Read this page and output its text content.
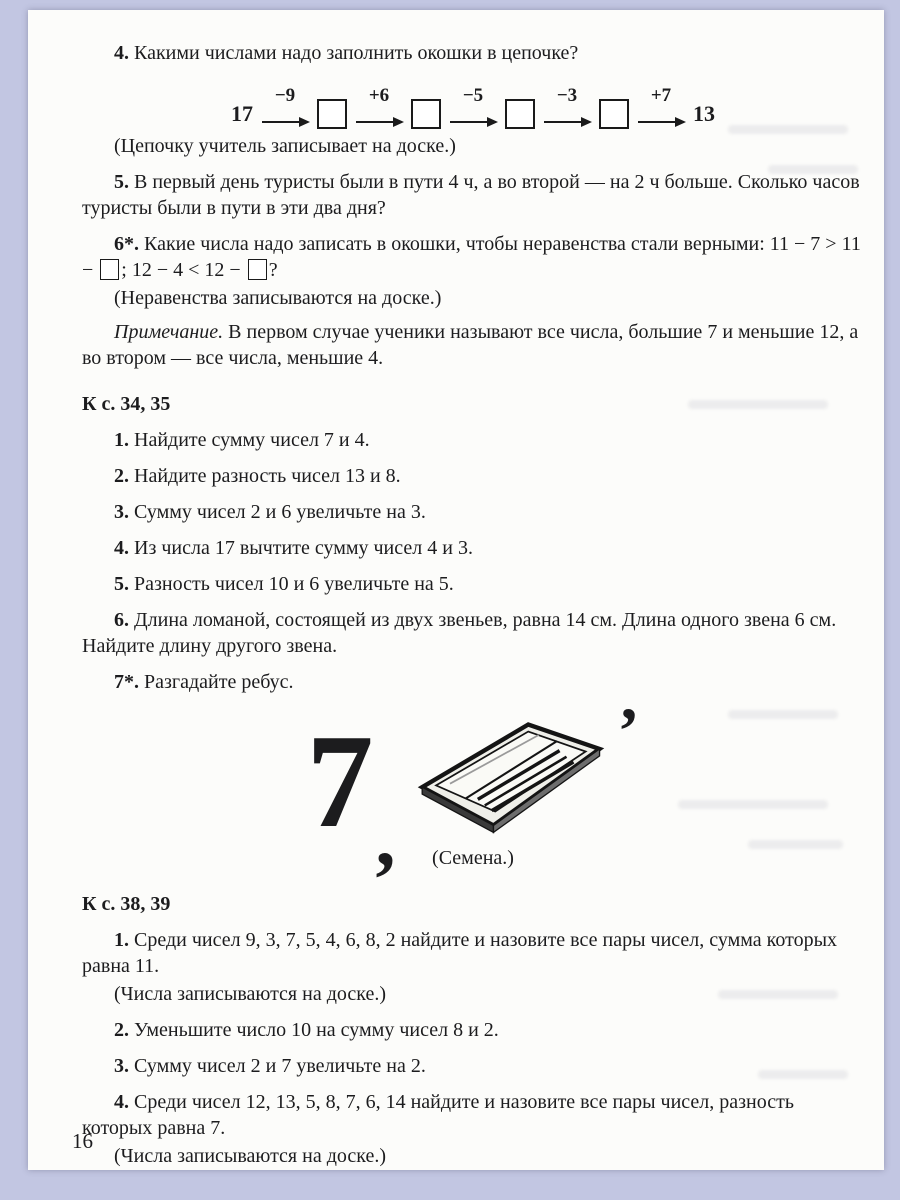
4. Какими числами надо заполнить окошки в цепочке?

17
−9	+6	−5	−3	+7
13

(Цепочку учитель записывает на доске.)

5. В первый день туристы были в пути 4 ч, а во второй — на 2 ч больше. Сколько часов туристы были в пути в эти два дня?

6*. Какие числа надо записать в окошки, чтобы неравенства стали верными: 11 − 7 > 11 − ; 12 − 4 < 12 − ?

(Неравенства записываются на доске.)

Примечание. В первом случае ученики называют все числа, большие 7 и меньшие 12, а во втором — все числа, меньшие 4.

К с. 34, 35

1. Найдите сумму чисел 7 и 4.

2. Найдите разность чисел 13 и 8.

3. Сумму чисел 2 и 6 увеличьте на 3.

4. Из числа 17 вычтите сумму чисел 4 и 3.

5. Разность чисел 10 и 6 увеличьте на 5.

6. Длина ломаной, состоящей из двух звеньев, равна 14 см. Длина одного звена 6 см. Найдите длину другого звена.

7*. Разгадайте ребус.

7 ,
’

(Семена.)

К с. 38, 39

1. Среди чисел 9, 3, 7, 5, 4, 6, 8, 2 найдите и назовите все пары чисел, сумма которых равна 11.

(Числа записываются на доске.)

2. Уменьшите число 10 на сумму чисел 8 и 2.

3. Сумму чисел 2 и 7 увеличьте на 2.

4. Среди чисел 12, 13, 5, 8, 7, 6, 14 найдите и назовите все пары чисел, разность которых равна 7.

(Числа записываются на доске.)

16
